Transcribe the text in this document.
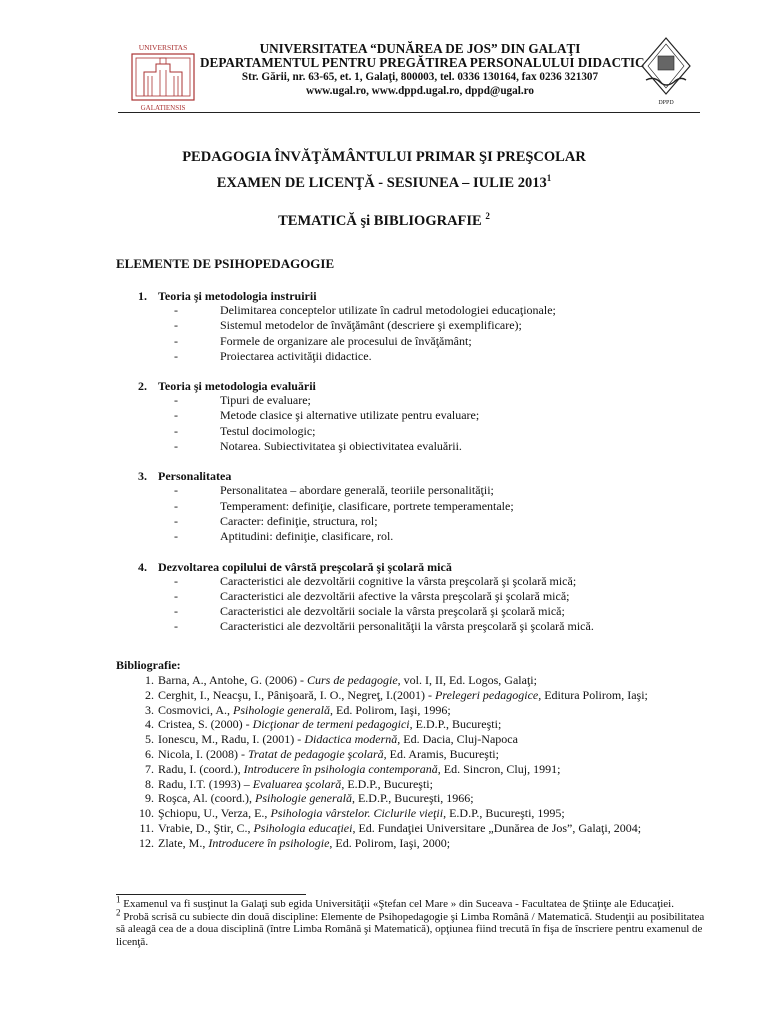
UNIVERSITAS
GALATIENSIS
UNIVERSITATEA “DUNĂREA DE JOS” DIN GALAŢI
DEPARTAMENTUL PENTRU PREGĂTIREA PERSONALULUI DIDACTIC
Str. Gării, nr. 63-65, et. 1, Galaţi, 800003, tel. 0336 130164, fax 0236 321307
www.ugal.ro, www.dppd.ugal.ro, dppd@ugal.ro
DPPD
PEDAGOGIA ÎNVĂŢĂMÂNTULUI PRIMAR ŞI PREŞCOLAR
EXAMEN DE LICENŢĂ - SESIUNEA – IULIE 2013$^1$
TEMATICĂ şi BIBLIOGRAFIE $^2$
ELEMENTE DE PSIHOPEDAGOGIE
1. Teoria şi metodologia instruirii
-	Delimitarea conceptelor utilizate în cadrul metodologiei educaţionale;
-	Sistemul metodelor de învăţământ (descriere şi exemplificare);
-	Formele de organizare ale procesului de învăţământ;
-	Proiectarea activităţii didactice.
2. Teoria şi metodologia evaluării
-	Tipuri de evaluare;
-	Metode clasice şi alternative utilizate pentru evaluare;
-	Testul docimologic;
-	Notarea. Subiectivitatea şi obiectivitatea evaluării.
3. Personalitatea
-	Personalitatea – abordare generală, teoriile personalităţii;
-	Temperament: definiţie, clasificare, portrete temperamentale;
-	Caracter: definiţie, structura, rol;
-	Aptitudini: definiţie, clasificare, rol.
4. Dezvoltarea copilului de vârstă preşcolară şi şcolară mică
-	Caracteristici ale dezvoltării cognitive la vârsta preşcolară şi şcolară mică;
-	Caracteristici ale dezvoltării afective la vârsta preşcolară şi şcolară mică;
-	Caracteristici ale dezvoltării sociale la vârsta preşcolară şi şcolară mică;
-	Caracteristici ale dezvoltării personalităţii la vârsta preşcolară şi şcolară mică.
Bibliografie:
1. Barna, A., Antohe, G. (2006) - Curs de pedagogie, vol. I, II, Ed. Logos, Galaţi;
2. Cerghit, I., Neacşu, I., Pânişoară, I. O., Negreţ, I.(2001) - Prelegeri pedagogice, Editura Polirom, Iaşi;
3. Cosmovici, A., Psihologie generală, Ed. Polirom, Iaşi, 1996;
4. Cristea, S. (2000) - Dicţionar de termeni pedagogici, E.D.P., Bucureşti;
5. Ionescu, M., Radu, I. (2001) - Didactica modernă, Ed. Dacia, Cluj-Napoca
6. Nicola, I. (2008) - Tratat de pedagogie şcolară, Ed. Aramis, Bucureşti;
7. Radu, I. (coord.), Introducere în psihologia contemporană, Ed. Sincron, Cluj, 1991;
8. Radu, I.T. (1993) – Evaluarea şcolară, E.D.P., Bucureşti;
9. Roşca, Al. (coord.), Psihologie generală, E.D.P., Bucureşti, 1966;
10. Şchiopu, U., Verza, E., Psihologia vârstelor. Ciclurile vieţii, E.D.P., Bucureşti, 1995;
11. Vrabie, D., Ştir, C., Psihologia educaţiei, Ed. Fundaţiei Universitare „Dunărea de Jos”, Galaţi, 2004;
12. Zlate, M., Introducere în psihologie, Ed. Polirom, Iaşi, 2000;
$^1$ Examenul va fi susţinut la Galaţi sub egida Universităţii «Ştefan cel Mare » din Suceava - Facultatea de Ştiinţe ale Educaţiei.
$^2$ Probă scrisă cu subiecte din două discipline: Elemente de Psihopedagogie şi Limba Română / Matematică. Studenţii au posibilitatea să aleagă cea de a doua disciplină (între Limba Română şi Matematică), opţiunea fiind trecută în fişa de înscriere pentru examenul de licenţă.
